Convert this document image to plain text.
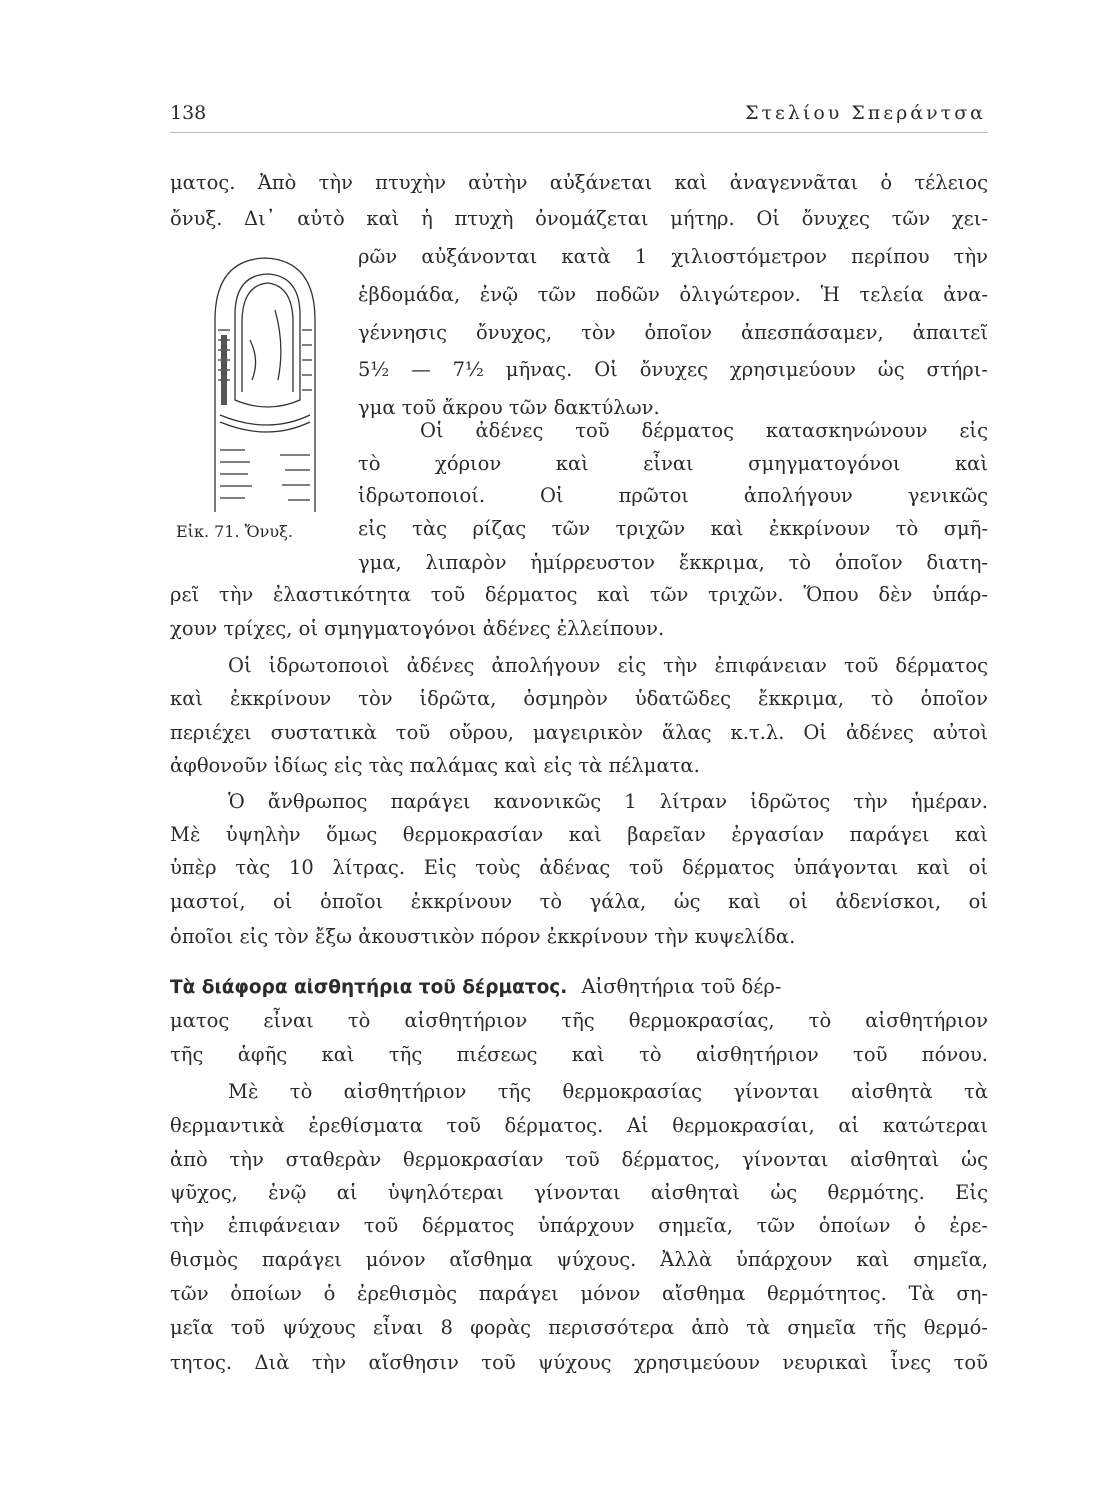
138	Στελίου Σπεράντσα
ματος. Ἀπὸ τὴν πτυχὴν αὐτὴν αὐξάνεται καὶ ἀναγεννᾶται ὁ τέλειος
ὄνυξ. Δι᾽ αὐτὸ καὶ ἡ πτυχὴ ὀνομάζεται μήτηρ. Οἱ ὄνυχες τῶν χει-
ρῶν αὐξάνονται κατὰ 1 χιλιοστόμετρον περίπου τὴν
ἑβδομάδα, ἐνῷ τῶν ποδῶν ὀλιγώτερον. Ἡ τελεία ἀνα-
γέννησις ὄνυχος, τὸν ὁποῖον ἀπεσπάσαμεν, ἀπαιτεῖ
5½ — 7½ μῆνας. Οἱ ὄνυχες χρησιμεύουν ὡς στήρι-
γμα τοῦ ἄκρου τῶν δακτύλων.
Οἱ ἀδένες τοῦ δέρματος κατασκηνώνουν εἰς
τὸ χόριον καὶ εἶναι σμηγματογόνοι καὶ
ἱδρωτοποιοί. Οἱ πρῶτοι ἀπολήγουν γενικῶς
εἰς τὰς ρίζας τῶν τριχῶν καὶ ἐκκρίνουν τὸ σμῆ-
γμα, λιπαρὸν ἡμίρρευστον ἔκκριμα, τὸ ὁποῖον διατη-
Εἰκ. 71. Ὄνυξ.
ρεῖ τὴν ἐλαστικότητα τοῦ δέρματος καὶ τῶν τριχῶν. Ὅπου δὲν ὑπάρ-
χουν τρίχες, οἱ σμηγματογόνοι ἀδένες ἐλλείπουν.
Οἱ ἱδρωτοποιοὶ ἀδένες ἀπολήγουν εἰς τὴν ἐπιφάνειαν τοῦ δέρματος
καὶ ἐκκρίνουν τὸν ἱδρῶτα, ὀσμηρὸν ὑδατῶδες ἔκκριμα, τὸ ὁποῖον
περιέχει συστατικὰ τοῦ οὔρου, μαγειρικὸν ἅλας κ.τ.λ. Οἱ ἀδένες αὐτοὶ
ἀφθονοῦν ἰδίως εἰς τὰς παλάμας καὶ εἰς τὰ πέλματα.
Ὁ ἄνθρωπος παράγει κανονικῶς 1 λίτραν ἱδρῶτος τὴν ἡμέραν.
Μὲ ὑψηλὴν ὅμως θερμοκρασίαν καὶ βαρεῖαν ἐργασίαν παράγει καὶ
ὑπὲρ τὰς 10 λίτρας. Εἰς τοὺς ἀδένας τοῦ δέρματος ὑπάγονται καὶ οἱ
μαστοί, οἱ ὁποῖοι ἐκκρίνουν τὸ γάλα, ὡς καὶ οἱ ἀδενίσκοι, οἱ
ὁποῖοι εἰς τὸν ἔξω ἀκουστικὸν πόρον ἐκκρίνουν τὴν κυψελίδα.
Τὰ διάφορα αἰσθητήρια τοῦ δέρματος. Αἰσθητήρια τοῦ δέρ-
ματος εἶναι τὸ αἰσθητήριον τῆς θερμοκρασίας, τὸ αἰσθητήριον
τῆς ἁφῆς καὶ τῆς πιέσεως καὶ τὸ αἰσθητήριον τοῦ πόνου.
Μὲ τὸ αἰσθητήριον τῆς θερμοκρασίας γίνονται αἰσθητὰ τὰ
θερμαντικὰ ἐρεθίσματα τοῦ δέρματος. Αἱ θερμοκρασίαι, αἱ κατώτεραι
ἀπὸ τὴν σταθερὰν θερμοκρασίαν τοῦ δέρματος, γίνονται αἰσθηταὶ ὡς
ψῦχος, ἐνῷ αἱ ὑψηλότεραι γίνονται αἰσθηταὶ ὡς θερμότης. Εἰς
τὴν ἐπιφάνειαν τοῦ δέρματος ὑπάρχουν σημεῖα, τῶν ὁποίων ὁ ἐρε-
θισμὸς παράγει μόνον αἴσθημα ψύχους. Ἀλλὰ ὑπάρχουν καὶ σημεῖα,
τῶν ὁποίων ὁ ἐρεθισμὸς παράγει μόνον αἴσθημα θερμότητος. Τὰ ση-
μεῖα τοῦ ψύχους εἶναι 8 φορὰς περισσότερα ἀπὸ τὰ σημεῖα τῆς θερμό-
τητος. Διὰ τὴν αἴσθησιν τοῦ ψύχους χρησιμεύουν νευρικαὶ ἶνες τοῦ
